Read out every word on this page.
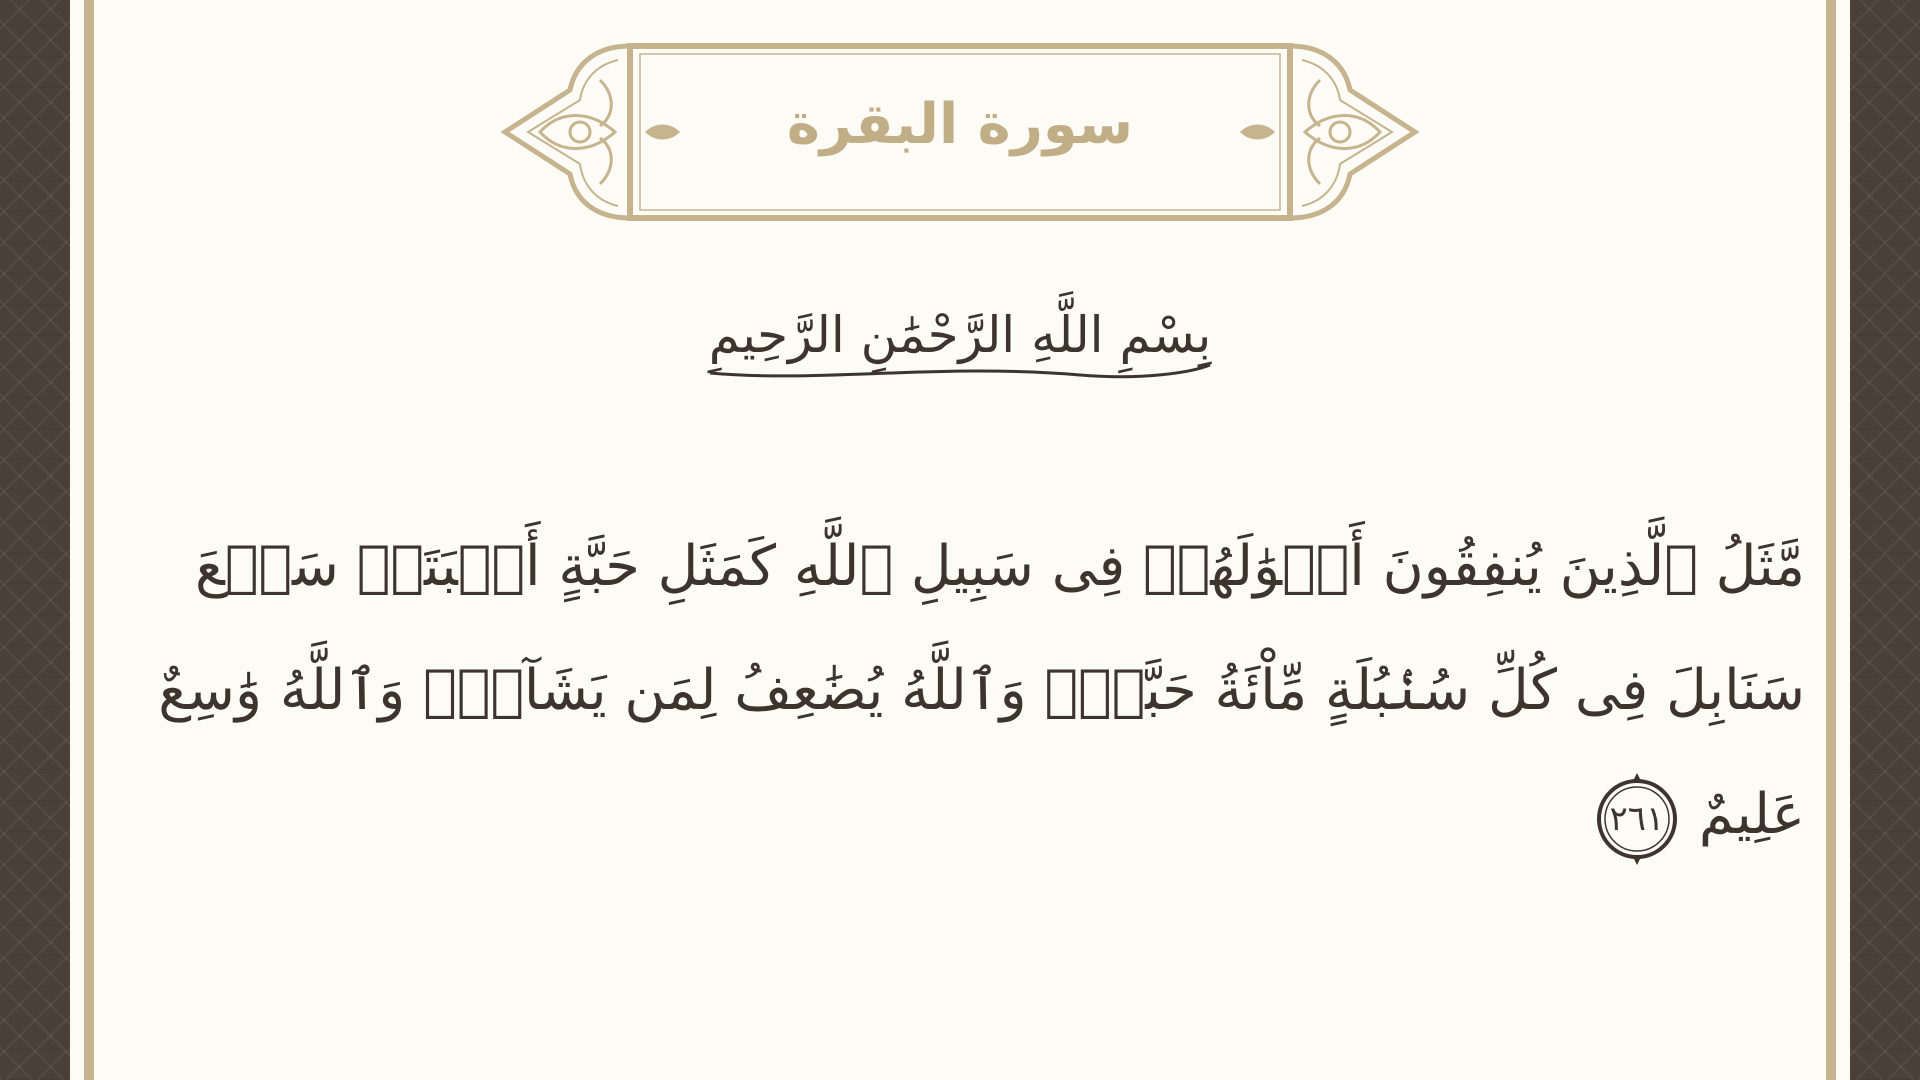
سورة البقرة
بِسْمِ اللَّهِ الرَّحْمَٰنِ الرَّحِيمِ
مَّثَلُ ٱلَّذِينَ يُنفِقُونَ أَمۡوَٰلَهُمۡ فِى سَبِيلِ ٱللَّهِ كَمَثَلِ حَبَّةٍ أَنۢبَتَتۡ سَبۡعَ
سَنَابِلَ فِى كُلِّ سُنۢبُلَةٍ مِّاْئَةُ حَبَّةٍۗ وَٱللَّهُ يُضَٰعِفُ لِمَن يَشَآءُۗ وَٱللَّهُ وَٰسِعٌ
عَلِيمٌ
٢٦١
